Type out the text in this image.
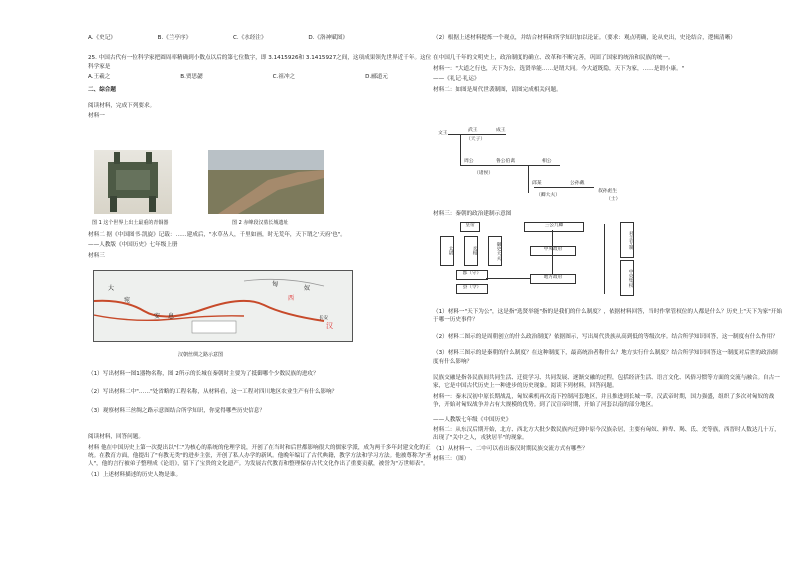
A.《史记》	B.《兰亭序》	C.《水经注》	D.《洛神赋图》

25. 中国古代有一位科学家把圆周率精确到小数点以后的第七位数字，即 3.1415926和 3.1415927之间，这项成果领先世界近千年。这位科学家是

A.王羲之	B.贾思勰	C.祖冲之	D.郦道元

二、综合题

阅读材料，完成下列要求。

材料一

图 1 这个世界上出土最重的青铜器	图 2 赤峰段汉墓长城遗址

材料二 据《中国图书·凯旋》记载：……建成后，"水草丛人，千里如画，时无荒年，天下谓之'天府'也"。

——人教版《中国历史》七年级上册

材料三

匈
奴
西
汉
长安
大
宛
安 息
汉朝丝绸之路示意图

（1）写出材料一图1器物名称，图 2所示的长城在秦朝时主要为了抵御哪个少数民族的进攻？

（2）写出材料二中"……"处省略的工程名称，从材料看，这一工程对四川地区农业生产有什么影响？

（3）观察材料三丝绸之路示意图结合所学知识，你觉得哪些历史信息？

阅读材料，回答问题。

材料 他在中国历史上第一次提出以"仁"为核心的系统的伦理学说，开创了在当时和后世都影响很大的儒家学派，成为两千多年封建文化的正统。在教育方面，他提出了"有教无类"的进步主张，开创了私人办学的新风。他晚年编订了古代典籍，教学方法和学习方法。他被尊称为"圣人"，他的言行被弟子整理成《论语》，留下了宝贵的文化遗产。为发展古代教育和整理保存古代文化作出了重要贡献，被誉为"万世师表"。

（1）上述材料描述的历史人物是谁。

（2）根据上述材料提炼一个观点，并结合材料和所学知识加以论证。（要求：观点明确，论从史出，史论结合，逻辑清晰）

在中国几千年的文明史上，政治制度的确立、改革和不断完善，巩固了国家的统治和民族的统一。

材料一："大道之行也，天下为公，选贤举能……是谓大同。今大道既隐，天下为家，……是谓小康。"

——《礼记·礼运》

材料二：如图是周代世袭制图，请图完成相关问题。

文王
武王	成王
（天子）
周公	鲁公伯禽	相公
（诸侯）
邱某	公孙戴
（卿大夫）
叔孙彪生
（士）

材料三：秦朝的政治建制示意图

皇帝	三公九卿
太尉	丞相	御史大夫	中央政府
地方政府
郡（守）
县（令）
君主专制
中央集权

（1）材料一"天下为公"，这是指"选贤举能"指的是我们的什么制度？，依据材料回答，当时作掌管权位的人都是什么？历史上"天下为家"开始于哪一历史事件？

（2）材料二图示的是周朝创立的什么政治制度？依据图示，写出周代贵族从高到低的等级次序。结合所学知识回答，这一制度有什么作用？

（3）材料三图示的是秦朝的什么制度？在这种制度下，最高统治者称什么？地方实行什么制度？结合所学知识回答这一制度对后世的政治制度有什么影响？

民族交融是指各民族间共同生活、迁徙学习、共同发展、逐渐交融的过程，包括经济生活、语言文化、风俗习惯等方面的交流与融合。自古一家，它是中国古代历史上一种进步的历史现象。阅读下列材料，回答问题。

材料一：秦末汉初中原长期战乱，匈奴乘机再次南下控制河套地区，并且推进到长城一带。汉武帝时期，国力强盛，组织了多次对匈奴的战争，开始对匈奴战争并占有大规模的优势。到了汉宣帝时期，开始了河套以南的部分地区。

——人教版七年级《中国历史》

材料二：从东汉后期开始，北方、西北方大批少数民族内迁到中原今汉族杂居，主要有匈奴、鲜卑、羯、氐、羌等族，西晋时人数达几十万，出现了"关中之人，戎狄居半"的现象。

（1）从材料一、二中可以看出秦汉时期民族交流方式有哪些？

材料三：（图）
